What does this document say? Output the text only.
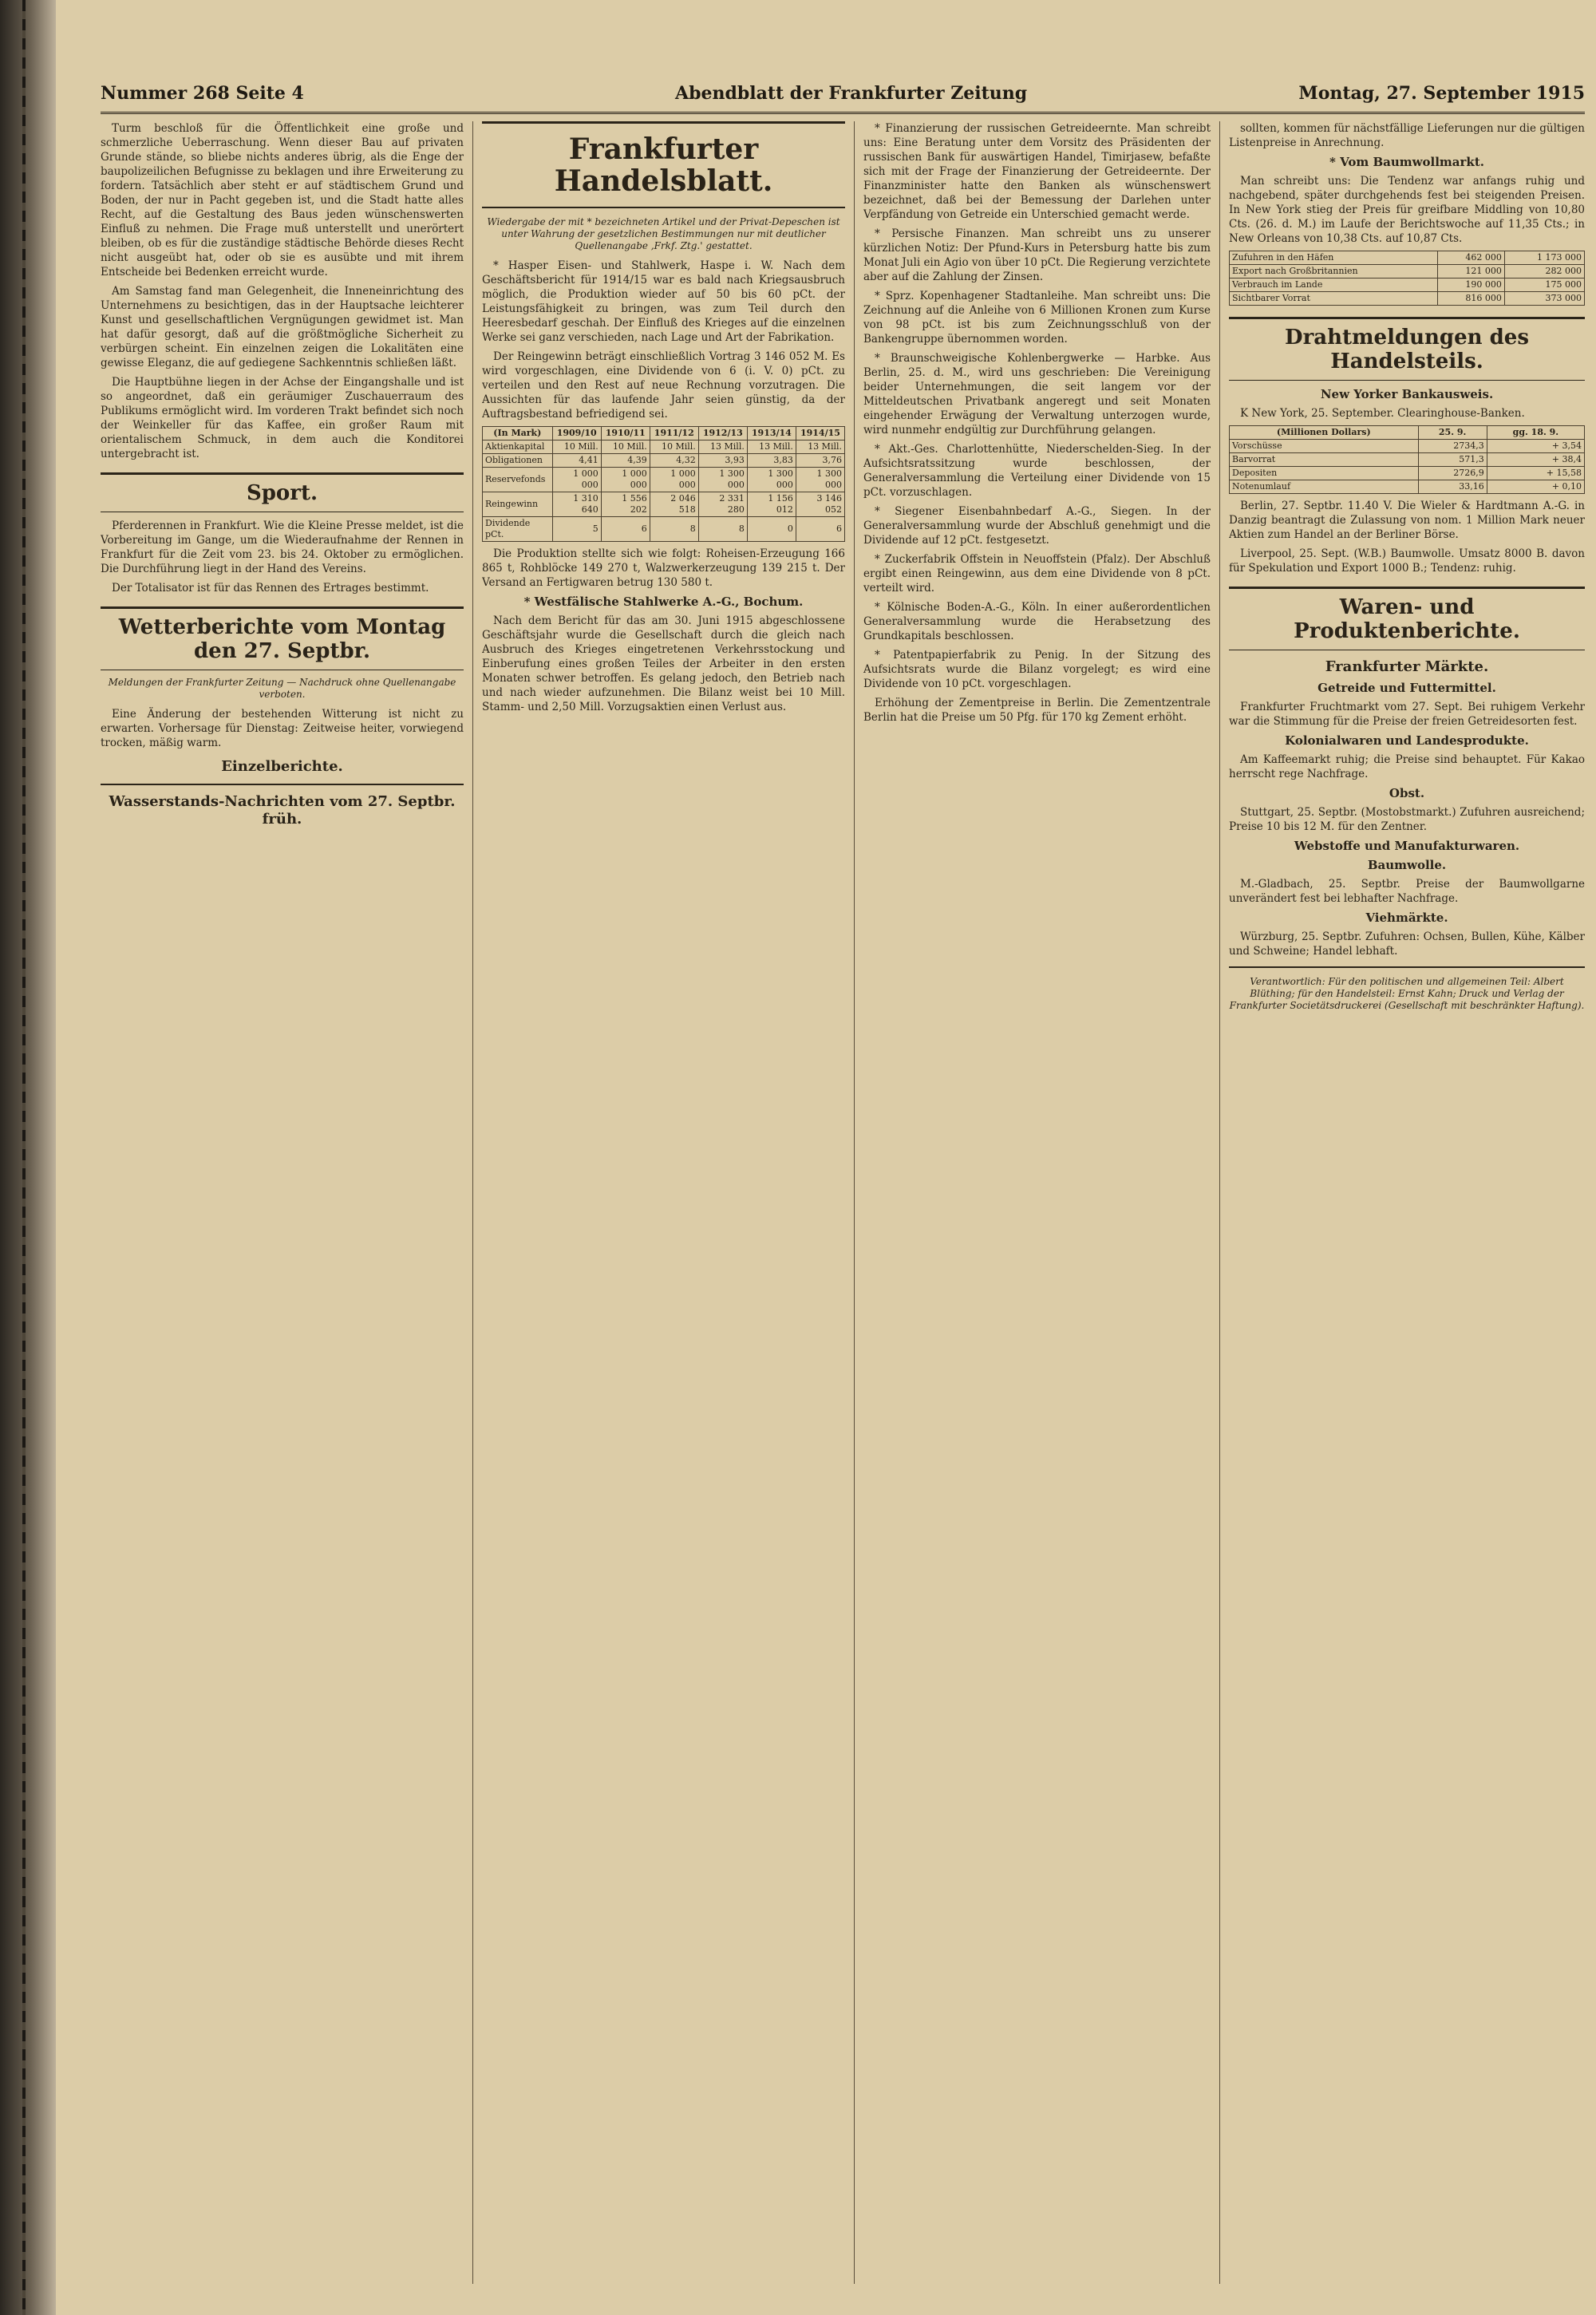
Nummer 268 Seite 4	Abendblatt der Frankfurter Zeitung	Montag, 27. September 1915

Turm beschloß für die Öffentlichkeit eine große und schmerzliche Ueberraschung. Wenn dieser Bau auf privaten Grunde stände, so bliebe nichts anderes übrig, als die Enge der baupolizeilichen Befugnisse zu beklagen und ihre Erweiterung zu fordern. Tatsächlich aber steht er auf städtischem Grund und Boden, der nur in Pacht gegeben ist, und die Stadt hatte alles Recht, auf die Gestaltung des Baus jeden wünschenswerten Einfluß zu nehmen. Die Frage muß unterstellt und unerörtert bleiben, ob es für die zuständige städtische Behörde dieses Recht nicht ausgeübt hat, oder ob sie es ausübte und mit ihrem Entscheide bei Bedenken erreicht wurde.

Am Samstag fand man Gelegenheit, die Inneneinrichtung des Unternehmens zu besichtigen, das in der Hauptsache leichterer Kunst und gesellschaftlichen Vergnügungen gewidmet ist. Man hat dafür gesorgt, daß auf die größtmögliche Sicherheit zu verbürgen scheint. Ein einzelnen zeigen die Lokalitäten eine gewisse Eleganz, die auf gediegene Sachkenntnis schließen läßt.

Die Hauptbühne liegen in der Achse der Eingangshalle und ist so angeordnet, daß ein geräumiger Zuschauerraum des Publikums ermöglicht wird. Im vorderen Trakt befindet sich noch der Weinkeller für das Kaffee, ein großer Raum mit orientalischem Schmuck, in dem auch die Konditorei untergebracht ist.

Sport.

Pferderennen in Frankfurt. Wie die Kleine Presse meldet, ist die Vorbereitung im Gange, um die Wiederaufnahme der Rennen in Frankfurt für die Zeit vom 23. bis 24. Oktober zu ermöglichen. Die Durchführung liegt in der Hand des Vereins.

Der Totalisator ist für das Rennen des Ertrages bestimmt.

Wetterberichte vom Montag den 27. Septbr.

Meldungen der Frankfurter Zeitung — Nachdruck ohne Quellenangabe verboten.

Eine Änderung der bestehenden Witterung ist nicht zu erwarten. Vorhersage für Dienstag: Zeitweise heiter, vorwiegend trocken, mäßig warm.

Einzelberichte.
Wasserstands-Nachrichten vom 27. Septbr. früh.
Frankfurter Handelsblatt.

Wiedergabe der mit * bezeichneten Artikel und der Privat-Depeschen ist unter Wahrung der gesetzlichen Bestimmungen nur mit deutlicher Quellenangabe ‚Frkf. Ztg.' gestattet.

* Hasper Eisen- und Stahlwerk, Haspe i. W. Nach dem Geschäftsbericht für 1914/15 war es bald nach Kriegsausbruch möglich, die Produktion wieder auf 50 bis 60 pCt. der Leistungsfähigkeit zu bringen, was zum Teil durch den Heeresbedarf geschah. Der Einfluß des Krieges auf die einzelnen Werke sei ganz verschieden, nach Lage und Art der Fabrikation.

Der Reingewinn beträgt einschließlich Vortrag 3 146 052 M. Es wird vorgeschlagen, eine Dividende von 6 (i. V. 0) pCt. zu verteilen und den Rest auf neue Rechnung vorzutragen. Die Aussichten für das laufende Jahr seien günstig, da der Auftragsbestand befriedigend sei.

(In Mark)	1909/10	1910/11	1911/12	1912/13	1913/14	1914/15
Aktienkapital	10 Mill.	10 Mill.	10 Mill.	13 Mill.	13 Mill.	13 Mill.
Obligationen	4,41	4,39	4,32	3,93	3,83	3,76
Reservefonds	1 000 000	1 000 000	1 000 000	1 300 000	1 300 000	1 300 000
Reingewinn	1 310 640	1 556 202	2 046 518	2 331 280	1 156 012	3 146 052
Dividende pCt.	5	6	8	8	0	6

Die Produktion stellte sich wie folgt: Roheisen-Erzeugung 166 865 t, Rohblöcke 149 270 t, Walzwerkerzeugung 139 215 t. Der Versand an Fertigwaren betrug 130 580 t.

* Westfälische Stahlwerke A.-G., Bochum.

Nach dem Bericht für das am 30. Juni 1915 abgeschlossene Geschäftsjahr wurde die Gesellschaft durch die gleich nach Ausbruch des Krieges eingetretenen Verkehrsstockung und Einberufung eines großen Teiles der Arbeiter in den ersten Monaten schwer betroffen. Es gelang jedoch, den Betrieb nach und nach wieder aufzunehmen. Die Bilanz weist bei 10 Mill. Stamm- und 2,50 Mill. Vorzugsaktien einen Verlust aus.

* Finanzierung der russischen Getreideernte. Man schreibt uns: Eine Beratung unter dem Vorsitz des Präsidenten der russischen Bank für auswärtigen Handel, Timirjasew, befaßte sich mit der Frage der Finanzierung der Getreideernte. Der Finanzminister hatte den Banken als wünschenswert bezeichnet, daß bei der Bemessung der Darlehen unter Verpfändung von Getreide ein Unterschied gemacht werde.

* Persische Finanzen. Man schreibt uns zu unserer kürzlichen Notiz: Der Pfund-Kurs in Petersburg hatte bis zum Monat Juli ein Agio von über 10 pCt. Die Regierung verzichtete aber auf die Zahlung der Zinsen.

* Sprz. Kopenhagener Stadtanleihe. Man schreibt uns: Die Zeichnung auf die Anleihe von 6 Millionen Kronen zum Kurse von 98 pCt. ist bis zum Zeichnungsschluß von der Bankengruppe übernommen worden.

* Braunschweigische Kohlenbergwerke — Harbke. Aus Berlin, 25. d. M., wird uns geschrieben: Die Vereinigung beider Unternehmungen, die seit langem vor der Mitteldeutschen Privatbank angeregt und seit Monaten eingehender Erwägung der Verwaltung unterzogen wurde, wird nunmehr endgültig zur Durchführung gelangen.

* Akt.-Ges. Charlottenhütte, Niederschelden-Sieg. In der Aufsichtsratssitzung wurde beschlossen, der Generalversammlung die Verteilung einer Dividende von 15 pCt. vorzuschlagen.

* Siegener Eisenbahnbedarf A.-G., Siegen. In der Generalversammlung wurde der Abschluß genehmigt und die Dividende auf 12 pCt. festgesetzt.

* Zuckerfabrik Offstein in Neuoffstein (Pfalz). Der Abschluß ergibt einen Reingewinn, aus dem eine Dividende von 8 pCt. verteilt wird.

* Kölnische Boden-A.-G., Köln. In einer außerordentlichen Generalversammlung wurde die Herabsetzung des Grundkapitals beschlossen.

* Patentpapierfabrik zu Penig. In der Sitzung des Aufsichtsrats wurde die Bilanz vorgelegt; es wird eine Dividende von 10 pCt. vorgeschlagen.

Erhöhung der Zementpreise in Berlin. Die Zementzentrale Berlin hat die Preise um 50 Pfg. für 170 kg Zement erhöht.

sollten, kommen für nächstfällige Lieferungen nur die gültigen Listenpreise in Anrechnung.

* Vom Baumwollmarkt.

Man schreibt uns: Die Tendenz war anfangs ruhig und nachgebend, später durchgehends fest bei steigenden Preisen. In New York stieg der Preis für greifbare Middling von 10,80 Cts. (26. d. M.) im Laufe der Berichtswoche auf 11,35 Cts.; in New Orleans von 10,38 Cts. auf 10,87 Cts.

Zufuhren in den Häfen	462 000	1 173 000
Export nach Großbritannien	121 000	282 000
Verbrauch im Lande	190 000	175 000
Sichtbarer Vorrat	816 000	373 000
Drahtmeldungen des Handelsteils.
New Yorker Bankausweis.

K New York, 25. September. Clearinghouse-Banken.

(Millionen Dollars)	25. 9.	gg. 18. 9.
Vorschüsse	2734,3	+ 3,54
Barvorrat	571,3	+ 38,4
Depositen	2726,9	+ 15,58
Notenumlauf	33,16	+ 0,10

Berlin, 27. Septbr. 11.40 V. Die Wieler & Hardtmann A.-G. in Danzig beantragt die Zulassung von nom. 1 Million Mark neuer Aktien zum Handel an der Berliner Börse.

Liverpool, 25. Sept. (W.B.) Baumwolle. Umsatz 8000 B. davon für Spekulation und Export 1000 B.; Tendenz: ruhig.

Waren- und Produktenberichte.
Frankfurter Märkte.
Getreide und Futtermittel.

Frankfurter Fruchtmarkt vom 27. Sept. Bei ruhigem Verkehr war die Stimmung für die Preise der freien Getreidesorten fest.

Kolonialwaren und Landesprodukte.

Am Kaffeemarkt ruhig; die Preise sind behauptet. Für Kakao herrscht rege Nachfrage.

Obst.

Stuttgart, 25. Septbr. (Mostobstmarkt.) Zufuhren ausreichend; Preise 10 bis 12 M. für den Zentner.

Webstoffe und Manufakturwaren.
Baumwolle.

M.-Gladbach, 25. Septbr. Preise der Baumwollgarne unverändert fest bei lebhafter Nachfrage.

Viehmärkte.

Würzburg, 25. Septbr. Zufuhren: Ochsen, Bullen, Kühe, Kälber und Schweine; Handel lebhaft.

Verantwortlich: Für den politischen und allgemeinen Teil: Albert Blüthing; für den Handelsteil: Ernst Kahn; Druck und Verlag der Frankfurter Societätsdruckerei (Gesellschaft mit beschränkter Haftung).
